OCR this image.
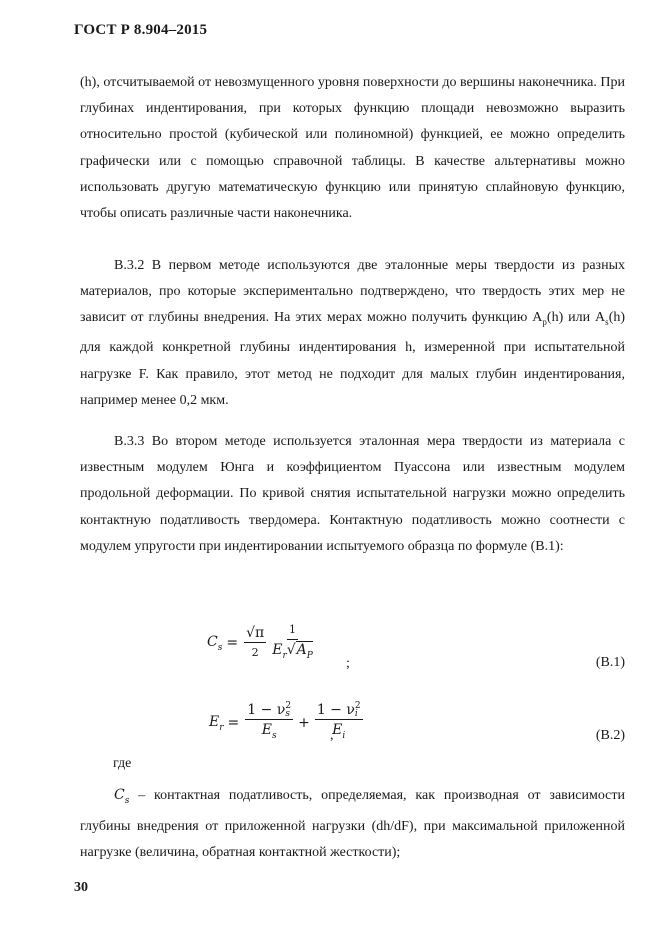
ГОСТ Р 8.904–2015

(h), отсчитываемой от невозмущенного уровня поверхности до вершины наконечника. При глубинах индентирования, при которых функцию площади невозможно выразить относительно простой (кубической или полиномной) функцией, ее можно определить графически или с помощью справочной таблицы. В качестве альтернативы можно использовать другую математическую функцию или принятую сплайновую функцию, чтобы описать различные части наконечника.

В.3.2 В первом методе используются две эталонные меры твердости из разных материалов, про которые экспериментально подтверждено, что твердость этих мер не зависит от глубины внедрения. На этих мерах можно получить функцию $A_p(h)$ или $A_s(h)$ для каждой конкретной глубины индентирования h, измеренной при испытательной нагрузке F. Как правило, этот метод не подходит для малых глубин индентирования, например менее 0,2 мкм.

В.3.3 Во втором методе используется эталонная мера твердости из материала с известным модулем Юнга и коэффициентом Пуассона или известным модулем продольной деформации. По кривой снятия испытательной нагрузки можно определить контактную податливость твердомера. Контактную податливость можно соотнести с модулем упругости при индентировании испытуемого образца по формуле (В.1):

$C_s = \frac{√\pi}{2} \frac{1}{E_r√A_P}$ ;	(В.1)
$E_r = 1 - \nu$ 2
s
$E_s + 1 - \nu$ 2
i
$E_i$
,	(В.2)
где

$C_s$ – контактная податливость, определяемая, как производная от зависимости глубины внедрения от приложенной нагрузки (dh/dF), при максимальной приложенной нагрузке (величина, обратная контактной жесткости);

30
